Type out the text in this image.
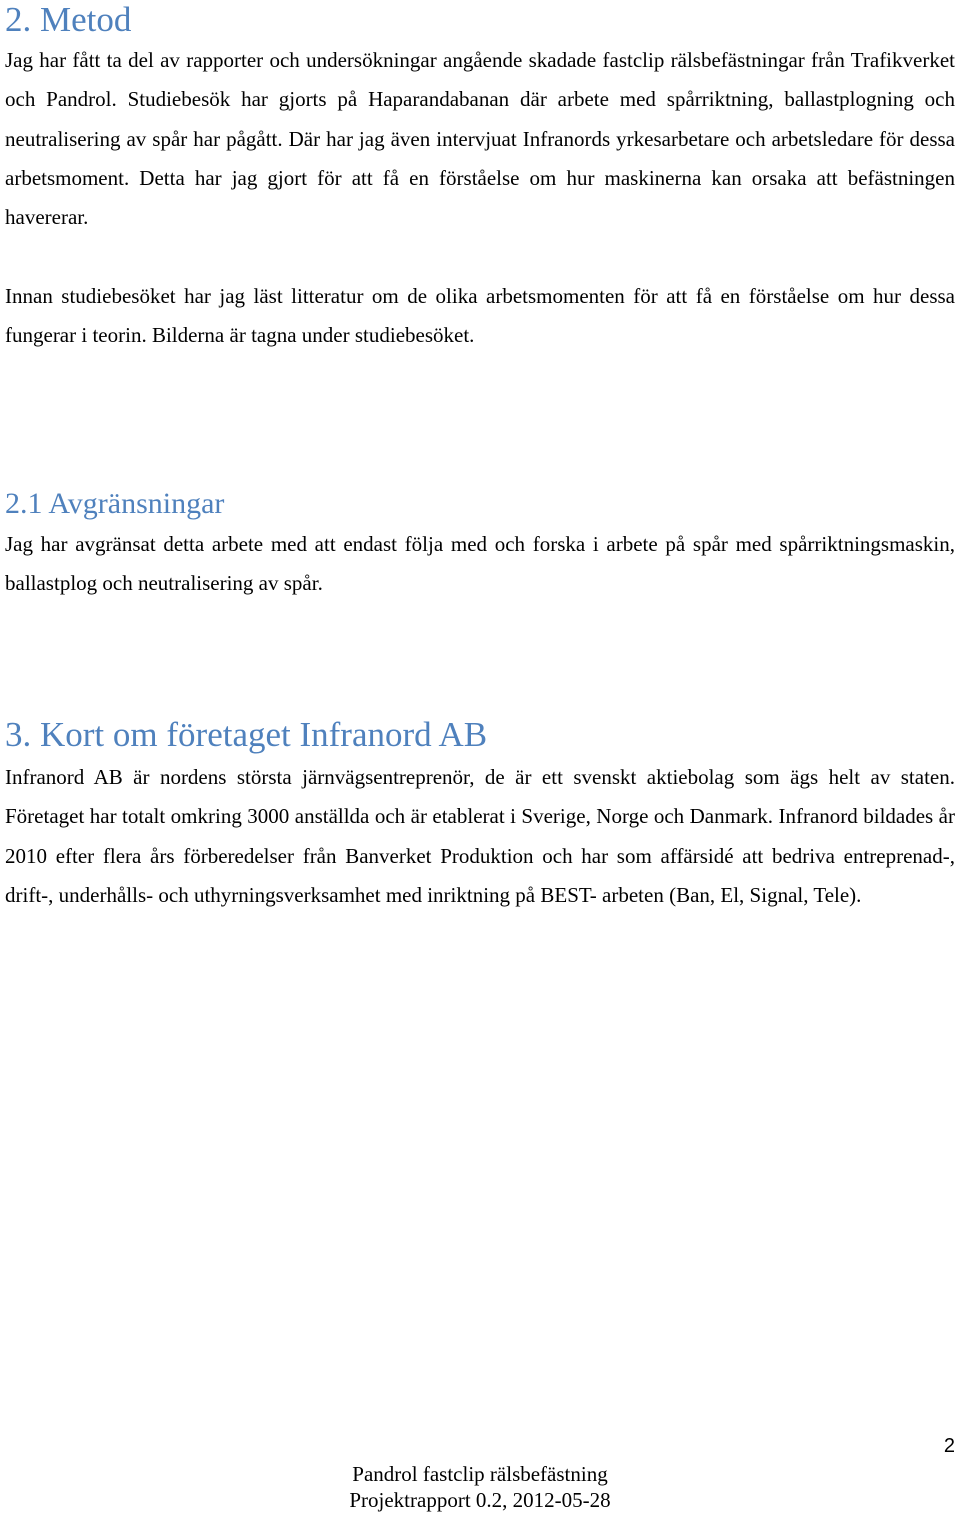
2. Metod

Jag har fått ta del av rapporter och undersökningar angående skadade fastclip rälsbefästningar från Trafikverket och Pandrol. Studiebesök har gjorts på Haparandabanan där arbete med spårriktning, ballastplogning och neutralisering av spår har pågått. Där har jag även intervjuat Infranords yrkesarbetare och arbetsledare för dessa arbetsmoment. Detta har jag gjort för att få en förståelse om hur maskinerna kan orsaka att befästningen havererar.

Innan studiebesöket har jag läst litteratur om de olika arbetsmomenten för att få en förståelse om hur dessa fungerar i teorin. Bilderna är tagna under studiebesöket.

2.1 Avgränsningar

Jag har avgränsat detta arbete med att endast följa med och forska i arbete på spår med spårriktningsmaskin, ballastplog och neutralisering av spår.

3. Kort om företaget Infranord AB

Infranord AB är nordens största järnvägsentreprenör, de är ett svenskt aktiebolag som ägs helt av staten. Företaget har totalt omkring 3000 anställda och är etablerat i Sverige, Norge och Danmark. Infranord bildades år 2010 efter flera års förberedelser från Banverket Produktion och har som affärsidé att bedriva entreprenad-, drift-, underhålls- och uthyrningsverksamhet med inriktning på BEST- arbeten (Ban, El, Signal, Tele).

2
Pandrol fastclip rälsbefästning
Projektrapport 0.2, 2012-05-28
